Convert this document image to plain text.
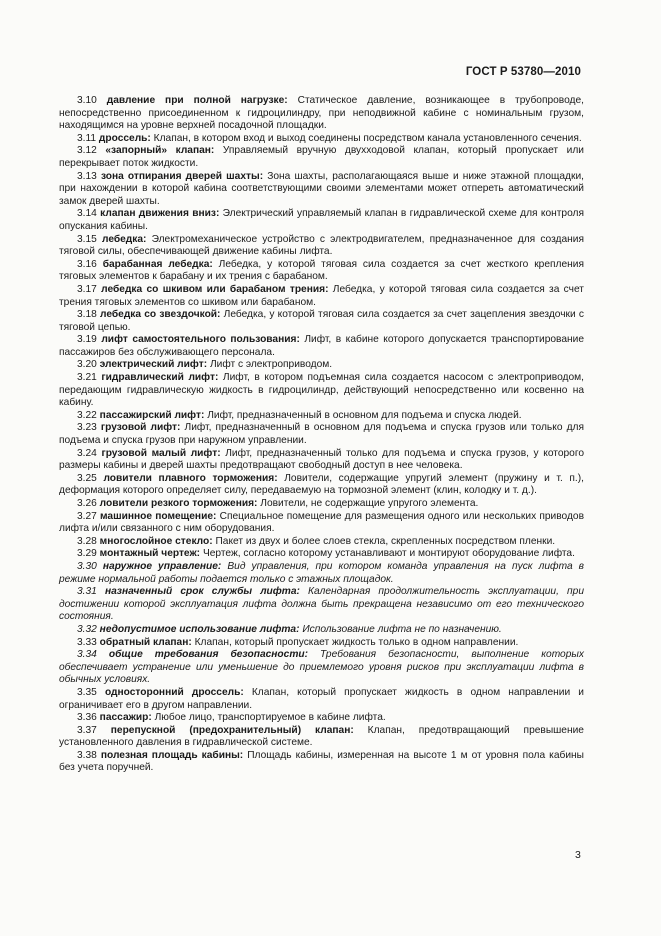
ГОСТ Р 53780—2010

3.10 давление при полной нагрузке: Статическое давление, возникающее в трубопроводе, непосредственно присоединенном к гидроцилиндру, при неподвижной кабине с номинальным грузом, находящимся на уровне верхней посадочной площадки.

3.11 дроссель: Клапан, в котором вход и выход соединены посредством канала установленного сечения.

3.12 «запорный» клапан: Управляемый вручную двухходовой клапан, который пропускает или перекрывает поток жидкости.

3.13 зона отпирания дверей шахты: Зона шахты, располагающаяся выше и ниже этажной площадки, при нахождении в которой кабина соответствующими своими элементами может отпереть автоматический замок дверей шахты.

3.14 клапан движения вниз: Электрический управляемый клапан в гидравлической схеме для контроля опускания кабины.

3.15 лебедка: Электромеханическое устройство с электродвигателем, предназначенное для создания тяговой силы, обеспечивающей движение кабины лифта.

3.16 барабанная лебедка: Лебедка, у которой тяговая сила создается за счет жесткого крепления тяговых элементов к барабану и их трения с барабаном.

3.17 лебедка со шкивом или барабаном трения: Лебедка, у которой тяговая сила создается за счет трения тяговых элементов со шкивом или барабаном.

3.18 лебедка со звездочкой: Лебедка, у которой тяговая сила создается за счет зацепления звездочки с тяговой цепью.

3.19 лифт самостоятельного пользования: Лифт, в кабине которого допускается транспортирование пассажиров без обслуживающего персонала.

3.20 электрический лифт: Лифт с электроприводом.

3.21 гидравлический лифт: Лифт, в котором подъемная сила создается насосом с электроприводом, передающим гидравлическую жидкость в гидроцилиндр, действующий непосредственно или косвенно на кабину.

3.22 пассажирский лифт: Лифт, предназначенный в основном для подъема и спуска людей.

3.23 грузовой лифт: Лифт, предназначенный в основном для подъема и спуска грузов или только для подъема и спуска грузов при наружном управлении.

3.24 грузовой малый лифт: Лифт, предназначенный только для подъема и спуска грузов, у которого размеры кабины и дверей шахты предотвращают свободный доступ в нее человека.

3.25 ловители плавного торможения: Ловители, содержащие упругий элемент (пружину и т. п.), деформация которого определяет силу, передаваемую на тормозной элемент (клин, колодку и т. д.).

3.26 ловители резкого торможения: Ловители, не содержащие упругого элемента.

3.27 машинное помещение: Специальное помещение для размещения одного или нескольких приводов лифта и/или связанного с ним оборудования.

3.28 многослойное стекло: Пакет из двух и более слоев стекла, скрепленных посредством пленки.

3.29 монтажный чертеж: Чертеж, согласно которому устанавливают и монтируют оборудование лифта.

3.30 наружное управление: Вид управления, при котором команда управления на пуск лифта в режиме нормальной работы подается только с этажных площадок.

3.31 назначенный срок службы лифта: Календарная продолжительность эксплуатации, при достижении которой эксплуатация лифта должна быть прекращена независимо от его технического состояния.

3.32 недопустимое использование лифта: Использование лифта не по назначению.

3.33 обратный клапан: Клапан, который пропускает жидкость только в одном направлении.

3.34 общие требования безопасности: Требования безопасности, выполнение которых обеспечивает устранение или уменьшение до приемлемого уровня рисков при эксплуатации лифта в обычных условиях.

3.35 односторонний дроссель: Клапан, который пропускает жидкость в одном направлении и ограничивает его в другом направлении.

3.36 пассажир: Любое лицо, транспортируемое в кабине лифта.

3.37 перепускной (предохранительный) клапан: Клапан, предотвращающий превышение установленного давления в гидравлической системе.

3.38 полезная площадь кабины: Площадь кабины, измеренная на высоте 1 м от уровня пола кабины без учета поручней.

3
